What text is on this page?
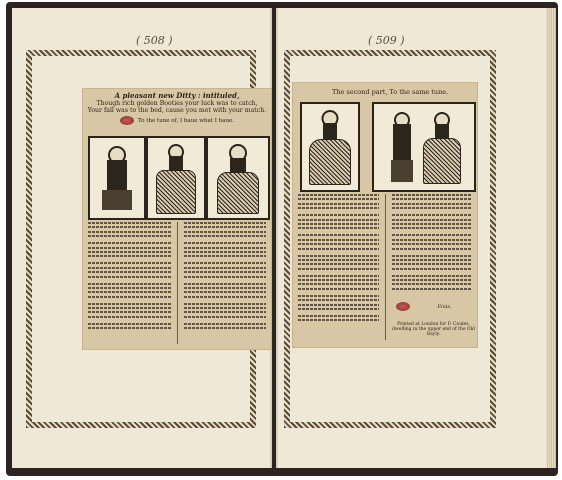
( 508 )
A pleasant new Ditty : intituled,
Though rich golden Booties your luck was to catch,
Your fall was to the bed, cause you met with your match.
To the tune of, I haue what I haue.
( 509 )
The second part, To the same tune.
Finis.
Printed at London for F. Coules, dwelling in the upper end of the Old Bayly.
